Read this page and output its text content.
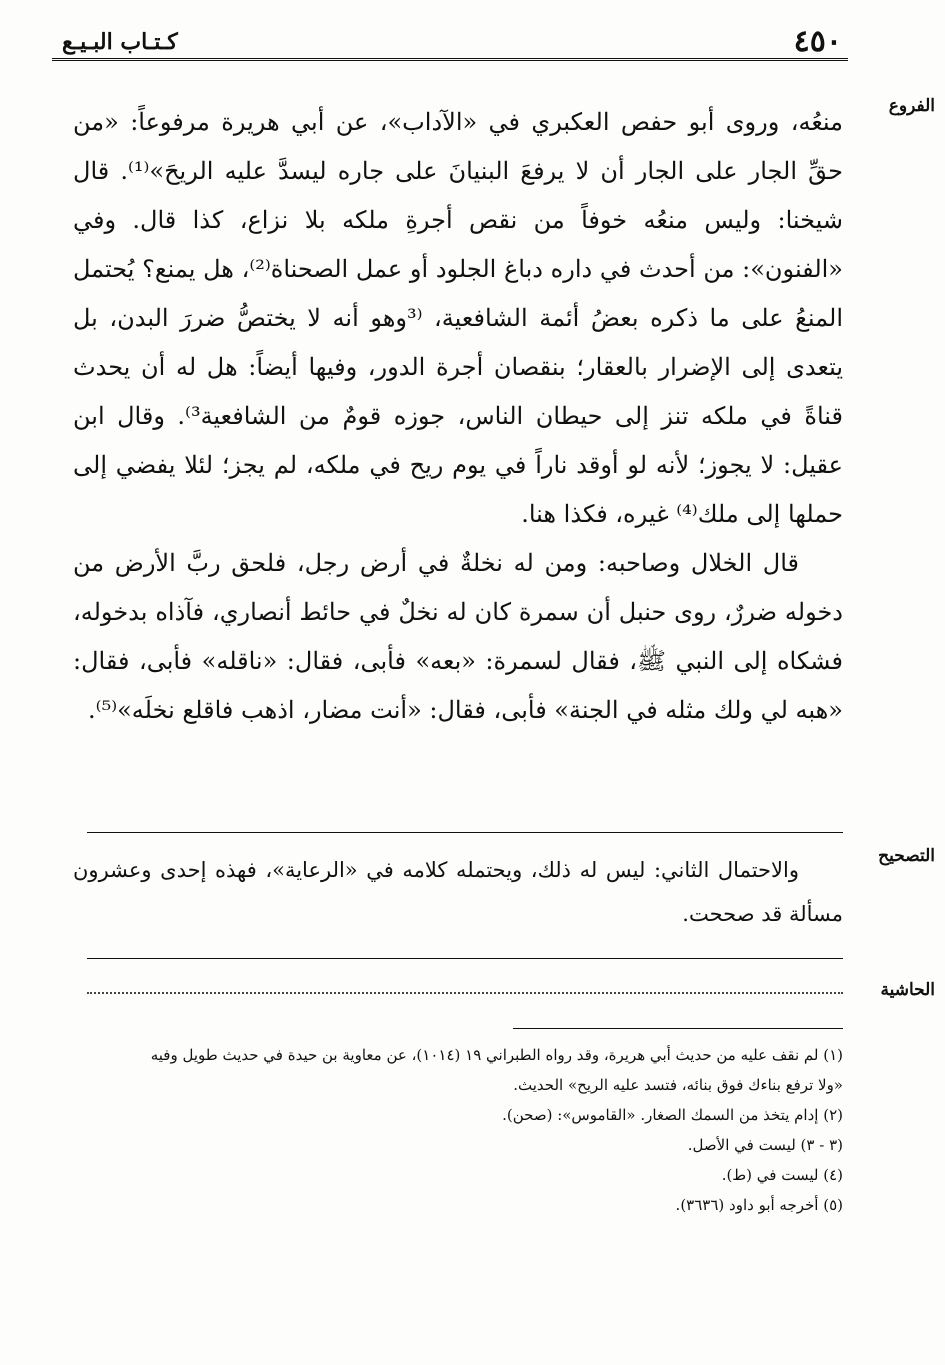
٤٥٠
كـتـاب البـيـع
الفروع

منعُه، وروى أبو حفص العكبري في «الآداب»، عن أبي هريرة مرفوعاً: «من حقِّ الجار على الجار أن لا يرفعَ البنيانَ على جاره ليسدَّ عليه الريحَ»⁽¹⁾. قال شيخنا: وليس منعُه خوفاً من نقص أجرةِ ملكه بلا نزاع، كذا قال. وفي «الفنون»: من أحدث في داره دباغ الجلود أو عمل الصحناة⁽²⁾، هل يمنع؟ يُحتمل المنعُ على ما ذكره بعضُ أئمة الشافعية، ⁽³وهو أنه لا يختصُّ ضررَ البدن، بل يتعدى إلى الإضرار بالعقار؛ بنقصان أجرة الدور، وفيها أيضاً: هل له أن يحدث قناةً في ملكه تنز إلى حيطان الناس، جوزه قومٌ من الشافعية³⁾. وقال ابن عقيل: لا يجوز؛ لأنه لو أوقد ناراً في يوم ريح في ملكه، لم يجز؛ لئلا يفضي إلى حملها إلى ملك⁽⁴⁾ غيره، فكذا هنا.

قال الخلال وصاحبه: ومن له نخلةٌ في أرض رجل، فلحق ربَّ الأرض من دخوله ضررٌ، روى حنبل أن سمرة كان له نخلٌ في حائط أنصاري، فآذاه بدخوله، فشكاه إلى النبي ﷺ، فقال لسمرة: «بعه» فأبى، فقال: «ناقله» فأبى، فقال: «هبه لي ولك مثله في الجنة» فأبى، فقال: «أنت مضار، اذهب فاقلع نخلَه»⁽⁵⁾.

التصحيح

والاحتمال الثاني: ليس له ذلك، ويحتمله كلامه في «الرعاية»، فهذه إحدى وعشرون مسألة قد صححت.

الحاشية
(١) لم نقف عليه من حديث أبي هريرة، وقد رواه الطبراني ١٩ (١٠١٤)، عن معاوية بن حيدة في حديث طويل وفيه
«ولا ترفع بناءك فوق بنائه، فتسد عليه الريح» الحديث.
(٢) إدام يتخذ من السمك الصغار. «القاموس»: (صحن).
(٣ - ٣) ليست في الأصل.
(٤) ليست في (ط).
(٥) أخرجه أبو داود (٣٦٣٦).
